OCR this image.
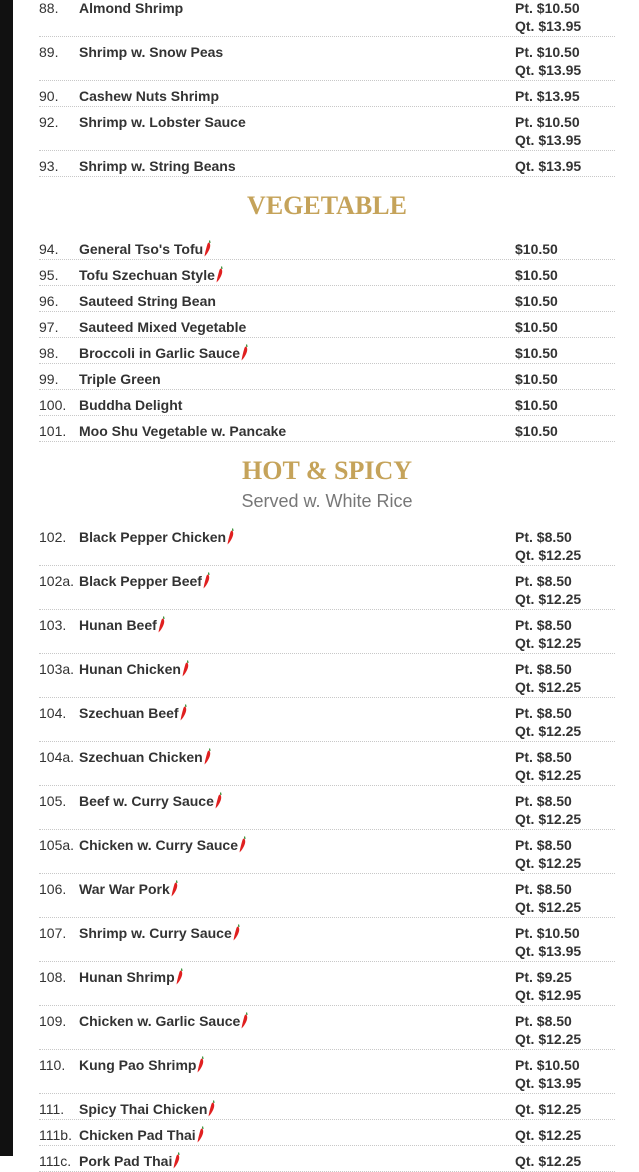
88.	Almond Shrimp	Pt. $10.50
Qt. $13.95
89.	Shrimp w. Snow Peas	Pt. $10.50
Qt. $13.95
90.	Cashew Nuts Shrimp	Pt. $13.95
92.	Shrimp w. Lobster Sauce	Pt. $10.50
Qt. $13.95
93.	Shrimp w. String Beans	Qt. $13.95
VEGETABLE
94.	General Tso's Tofu	$10.50
95.	Tofu Szechuan Style	$10.50
96.	Sauteed String Bean	$10.50
97.	Sauteed Mixed Vegetable	$10.50
98.	Broccoli in Garlic Sauce	$10.50
99.	Triple Green	$10.50
100. Buddha Delight	$10.50
101. Moo Shu Vegetable w. Pancake	$10.50
HOT & SPICY
Served w. White Rice
102. Black Pepper Chicken	Pt. $8.50
Qt. $12.25
102a. Black Pepper Beef	Pt. $8.50
Qt. $12.25
103. Hunan Beef	Pt. $8.50
Qt. $12.25
103a. Hunan Chicken	Pt. $8.50
Qt. $12.25
104. Szechuan Beef	Pt. $8.50
Qt. $12.25
104a. Szechuan Chicken	Pt. $8.50
Qt. $12.25
105. Beef w. Curry Sauce	Pt. $8.50
Qt. $12.25
105a. Chicken w. Curry Sauce	Pt. $8.50
Qt. $12.25
106. War War Pork	Pt. $8.50
Qt. $12.25
107. Shrimp w. Curry Sauce	Pt. $10.50
Qt. $13.95
108. Hunan Shrimp	Pt. $9.25
Qt. $12.95
109. Chicken w. Garlic Sauce	Pt. $8.50
Qt. $12.25
110. Kung Pao Shrimp	Pt. $10.50
Qt. $13.95
111.	Spicy Thai Chicken	Qt. $12.25
111b. Chicken Pad Thai	Qt. $12.25
111c. Pork Pad Thai	Qt. $12.25
